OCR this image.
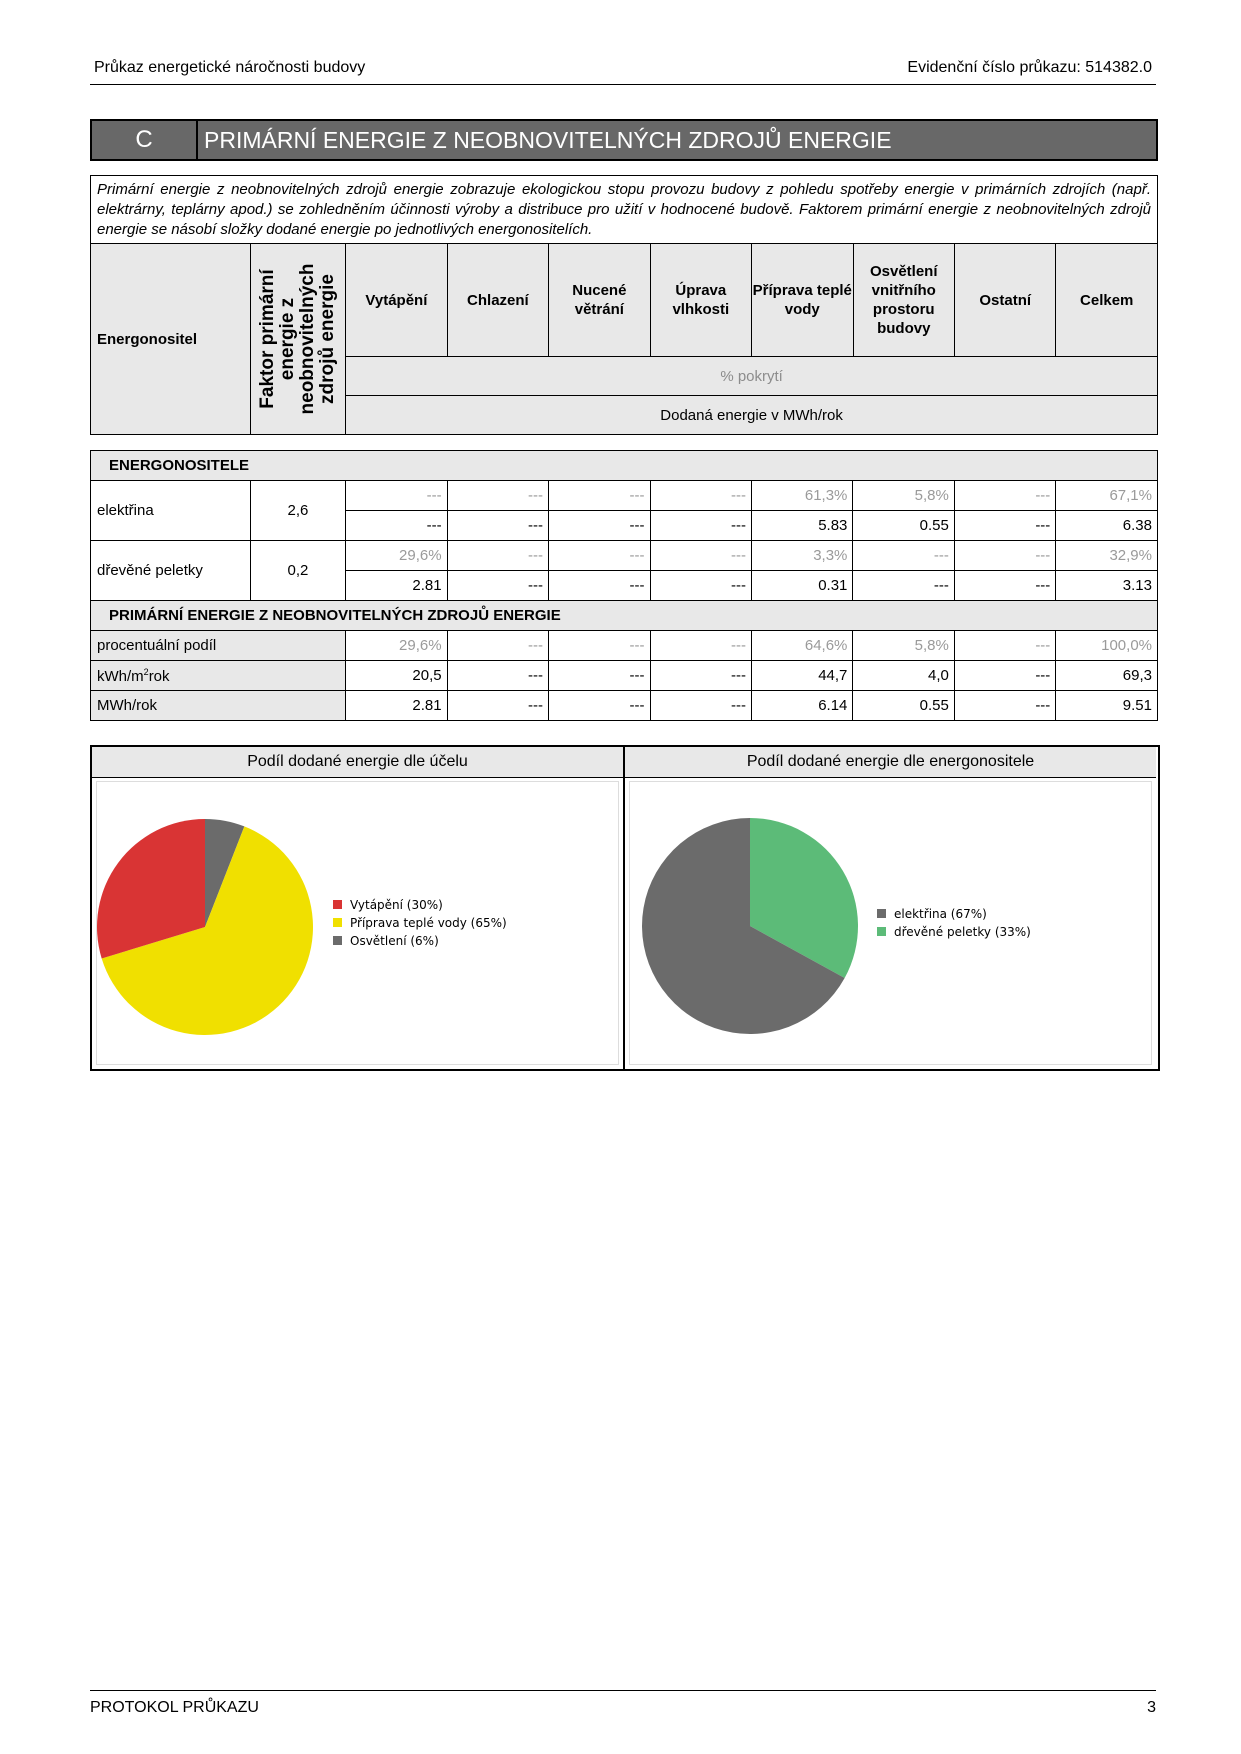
Průkaz energetické náročnosti budovy	Evidenční číslo průkazu: 514382.0
C	PRIMÁRNÍ ENERGIE Z NEOBNOVITELNÝCH ZDROJŮ ENERGIE
Primární energie z neobnovitelných zdrojů energie zobrazuje ekologickou stopu provozu budovy z pohledu spotřeby energie v primárních zdrojích (např. elektrárny, teplárny apod.) se zohledněním účinnosti výroby a distribuce pro užití v hodnocené budově. Faktorem primární energie z neobnovitelných zdrojů energie se násobí složky dodané energie po jednotlivých energonositelích.
Energonositel	Faktor primární energie z neobnovitelných zdrojů energie	Vytápění	Chlazení	Nucené větrání	Úprava vlhkosti	Příprava teplé vody	Osvětlení vnitřního prostoru budovy	Ostatní	Celkem
% pokrytí
Dodaná energie v MWh/rok
ENERGONOSITELE									
elektřina	2,6	---	---	---	---	61,3%	5,8%	---	67,1%
		---	---	---	---	5.83	0.55	---	6.38
dřevěné peletky	0,2	29,6%	---	---	---	3,3%	---	---	32,9%
		2.81	---	---	---	0.31	---	---	3.13
PRIMÁRNÍ ENERGIE Z NEOBNOVITELNÝCH ZDROJŮ ENERGIE									
procentuální podíl		29,6%	---	---	---	64,6%	5,8%	---	100,0%
kWh/$m^2rok$		20,5	---	---	---	44,7	4,0	---	69,3
MWh/rok		2.81	---	---	---	6.14	0.55	---	9.51
Podíl dodané energie dle účelu
Vytápění (30%)
Příprava teplé vody (65%)
Osvětlení (6%)
Podíl dodané energie dle energonositele
elektřina (67%)
dřevěné peletky (33%)
PROTOKOL PRŮKAZU	3
